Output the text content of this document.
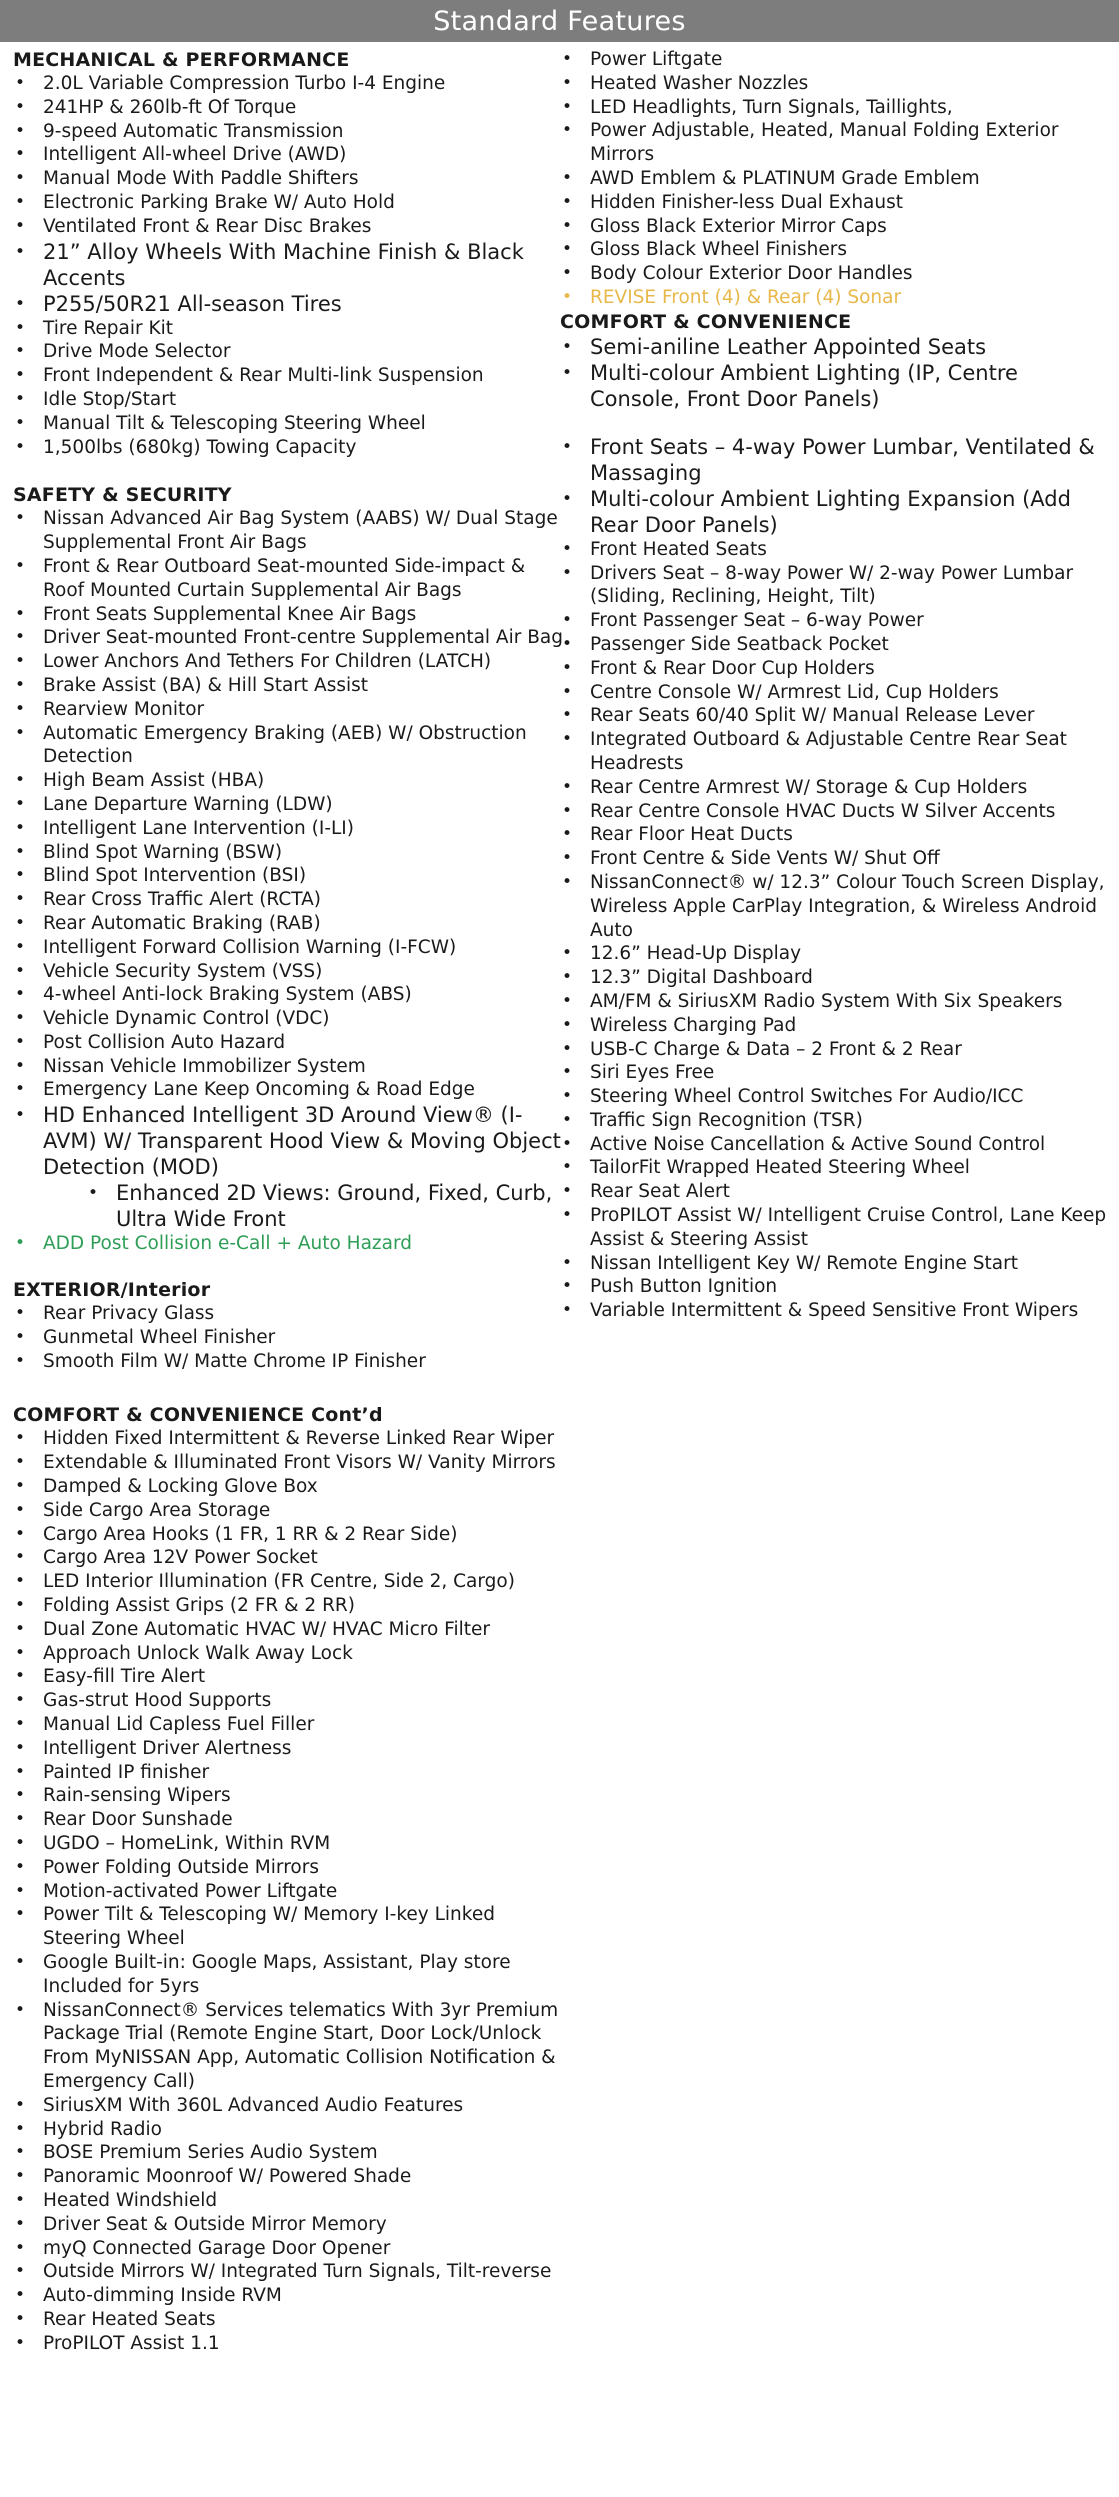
Standard Features
MECHANICAL & PERFORMANCE
• 2.0L Variable Compression Turbo I-4 Engine
• 241HP & 260lb-ft Of Torque
• 9-speed Automatic Transmission
• Intelligent All-wheel Drive (AWD)
• Manual Mode With Paddle Shifters
• Electronic Parking Brake W/ Auto Hold
• Ventilated Front & Rear Disc Brakes
• 21” Alloy Wheels With Machine Finish & Black Accents
• P255/50R21 All-season Tires
• Tire Repair Kit
• Drive Mode Selector
• Front Independent & Rear Multi-link Suspension
• Idle Stop/Start
• Manual Tilt & Telescoping Steering Wheel
• 1,500lbs (680kg) Towing Capacity
SAFETY & SECURITY
• Nissan Advanced Air Bag System (AABS) W/ Dual Stage Supplemental Front Air Bags
• Front & Rear Outboard Seat-mounted Side-impact & Roof Mounted Curtain Supplemental Air Bags
• Front Seats Supplemental Knee Air Bags
• Driver Seat-mounted Front-centre Supplemental Air Bag
• Lower Anchors And Tethers For Children (LATCH)
• Brake Assist (BA) & Hill Start Assist
• Rearview Monitor
• Automatic Emergency Braking (AEB) W/ Obstruction Detection
• High Beam Assist (HBA)
• Lane Departure Warning (LDW)
• Intelligent Lane Intervention (I-LI)
• Blind Spot Warning (BSW)
• Blind Spot Intervention (BSI)
• Rear Cross Traffic Alert (RCTA)
• Rear Automatic Braking (RAB)
• Intelligent Forward Collision Warning (I-FCW)
• Vehicle Security System (VSS)
• 4-wheel Anti-lock Braking System (ABS)
• Vehicle Dynamic Control (VDC)
• Post Collision Auto Hazard
• Nissan Vehicle Immobilizer System
• Emergency Lane Keep Oncoming & Road Edge
• HD Enhanced Intelligent 3D Around View® (I-AVM) W/ Transparent Hood View & Moving Object Detection (MOD)
• Enhanced 2D Views: Ground, Fixed, Curb, Ultra Wide Front
• ADD Post Collision e-Call + Auto Hazard
EXTERIOR/Interior
• Rear Privacy Glass
• Gunmetal Wheel Finisher
• Smooth Film W/ Matte Chrome IP Finisher
COMFORT & CONVENIENCE Cont’d
• Hidden Fixed Intermittent & Reverse Linked Rear Wiper
• Extendable & Illuminated Front Visors W/ Vanity Mirrors
• Damped & Locking Glove Box
• Side Cargo Area Storage
• Cargo Area Hooks (1 FR, 1 RR & 2 Rear Side)
• Cargo Area 12V Power Socket
• LED Interior Illumination (FR Centre, Side 2, Cargo)
• Folding Assist Grips (2 FR & 2 RR)
• Dual Zone Automatic HVAC W/ HVAC Micro Filter
• Approach Unlock Walk Away Lock
• Easy-fill Tire Alert
• Gas-strut Hood Supports
• Manual Lid Capless Fuel Filler
• Intelligent Driver Alertness
• Painted IP finisher
• Rain-sensing Wipers
• Rear Door Sunshade
• UGDO – HomeLink, Within RVM
• Power Folding Outside Mirrors
• Motion-activated Power Liftgate
• Power Tilt & Telescoping W/ Memory I-key Linked Steering Wheel
• Google Built-in: Google Maps, Assistant, Play store Included for 5yrs
• NissanConnect® Services telematics With 3yr Premium Package Trial (Remote Engine Start, Door Lock/Unlock From MyNISSAN App, Automatic Collision Notification & Emergency Call)
• SiriusXM With 360L Advanced Audio Features
• Hybrid Radio
• BOSE Premium Series Audio System
• Panoramic Moonroof W/ Powered Shade
• Heated Windshield
• Driver Seat & Outside Mirror Memory
• myQ Connected Garage Door Opener
• Outside Mirrors W/ Integrated Turn Signals, Tilt-reverse
• Auto-dimming Inside RVM
• Rear Heated Seats
• ProPILOT Assist 1.1
• Power Liftgate
• Heated Washer Nozzles
• LED Headlights, Turn Signals, Taillights,
• Power Adjustable, Heated, Manual Folding Exterior Mirrors
• AWD Emblem & PLATINUM Grade Emblem
• Hidden Finisher-less Dual Exhaust
• Gloss Black Exterior Mirror Caps
• Gloss Black Wheel Finishers
• Body Colour Exterior Door Handles
• REVISE Front (4) & Rear (4) Sonar
COMFORT & CONVENIENCE
• Semi-aniline Leather Appointed Seats
• Multi-colour Ambient Lighting (IP, Centre Console, Front Door Panels)
• Front Seats – 4-way Power Lumbar, Ventilated & Massaging
• Multi-colour Ambient Lighting Expansion (Add Rear Door Panels)
• Front Heated Seats
• Drivers Seat – 8-way Power W/ 2-way Power Lumbar (Sliding, Reclining, Height, Tilt)
• Front Passenger Seat – 6-way Power
• Passenger Side Seatback Pocket
• Front & Rear Door Cup Holders
• Centre Console W/ Armrest Lid, Cup Holders
• Rear Seats 60/40 Split W/ Manual Release Lever
• Integrated Outboard & Adjustable Centre Rear Seat Headrests
• Rear Centre Armrest W/ Storage & Cup Holders
• Rear Centre Console HVAC Ducts W Silver Accents
• Rear Floor Heat Ducts
• Front Centre & Side Vents W/ Shut Off
• NissanConnect® w/ 12.3” Colour Touch Screen Display, Wireless Apple CarPlay Integration, & Wireless Android Auto
• 12.6” Head-Up Display
• 12.3” Digital Dashboard
• AM/FM & SiriusXM Radio System With Six Speakers
• Wireless Charging Pad
• USB-C Charge & Data – 2 Front & 2 Rear
• Siri Eyes Free
• Steering Wheel Control Switches For Audio/ICC
• Traffic Sign Recognition (TSR)
• Active Noise Cancellation & Active Sound Control
• TailorFit Wrapped Heated Steering Wheel
• Rear Seat Alert
• ProPILOT Assist W/ Intelligent Cruise Control, Lane Keep Assist & Steering Assist
• Nissan Intelligent Key W/ Remote Engine Start
• Push Button Ignition
• Variable Intermittent & Speed Sensitive Front Wipers
